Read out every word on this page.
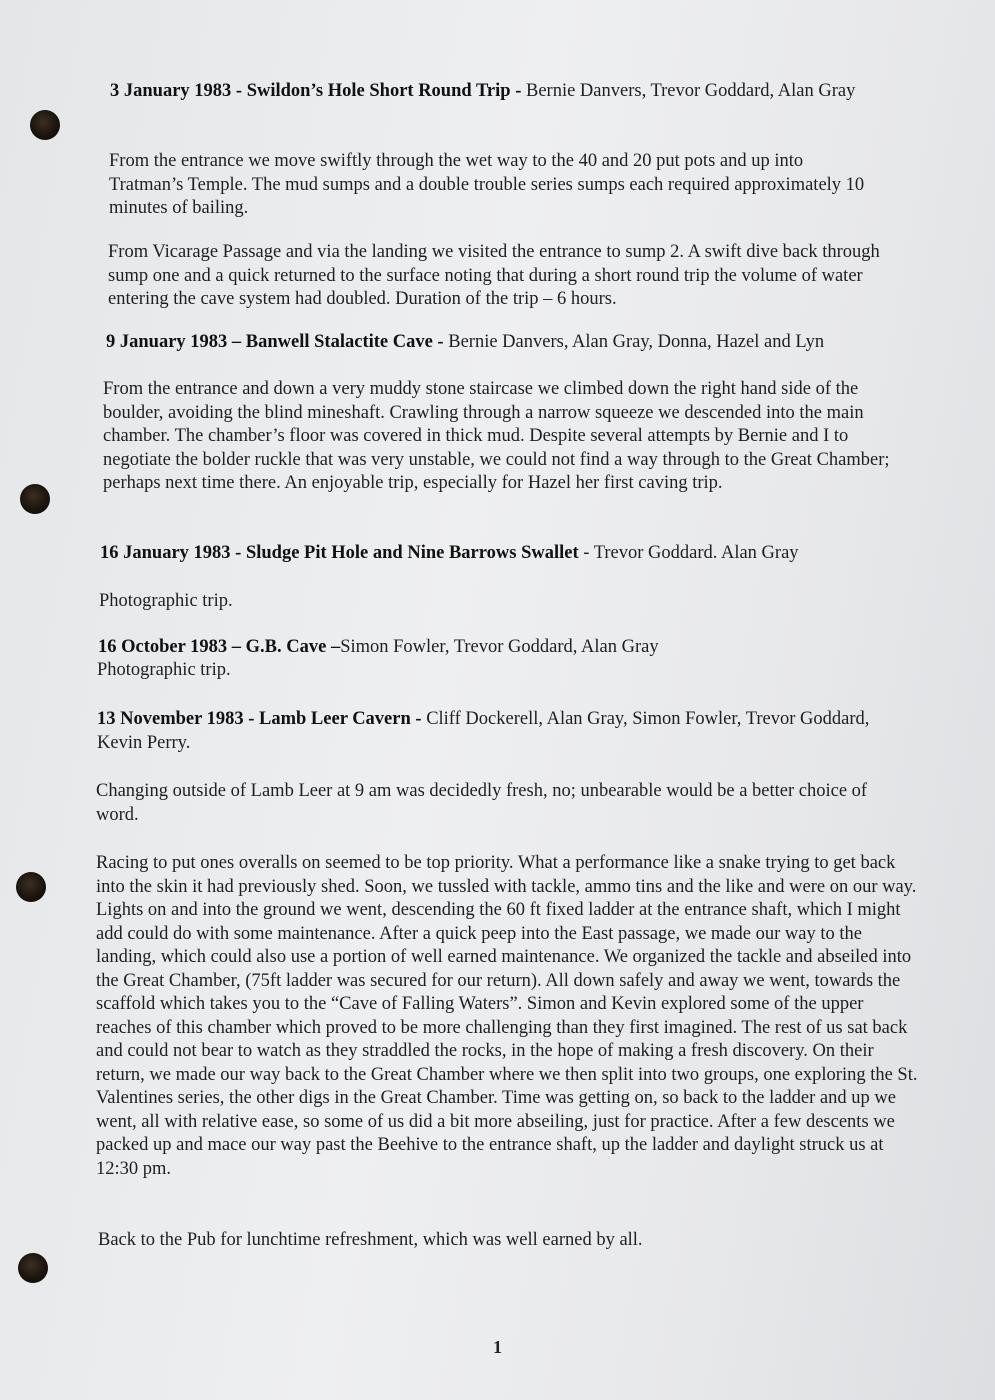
3 January 1983 - Swildon’s Hole Short Round Trip - Bernie Danvers, Trevor Goddard, Alan Gray

From the entrance we move swiftly through the wet way to the 40 and 20 put pots and up into Tratman’s Temple. The mud sumps and a double trouble series sumps each required approximately 10 minutes of bailing.

From Vicarage Passage and via the landing we visited the entrance to sump 2. A swift dive back through sump one and a quick returned to the surface noting that during a short round trip the volume of water entering the cave system had doubled. Duration of the trip – 6 hours.

9 January 1983 – Banwell Stalactite Cave - Bernie Danvers, Alan Gray, Donna, Hazel and Lyn

From the entrance and down a very muddy stone staircase we climbed down the right hand side of the boulder, avoiding the blind mineshaft. Crawling through a narrow squeeze we descended into the main chamber. The chamber’s floor was covered in thick mud. Despite several attempts by Bernie and I to negotiate the bolder ruckle that was very unstable, we could not find a way through to the Great Chamber; perhaps next time there. An enjoyable trip, especially for Hazel her first caving trip.

16 January 1983 - Sludge Pit Hole and Nine Barrows Swallet - Trevor Goddard. Alan Gray

Photographic trip.

16 October 1983 – G.B. Cave –Simon Fowler, Trevor Goddard, Alan Gray

Photographic trip.

13 November 1983 - Lamb Leer Cavern - Cliff Dockerell, Alan Gray, Simon Fowler, Trevor Goddard, Kevin Perry.

Changing outside of Lamb Leer at 9 am was decidedly fresh, no; unbearable would be a better choice of word.

Racing to put ones overalls on seemed to be top priority. What a performance like a snake trying to get back into the skin it had previously shed. Soon, we tussled with tackle, ammo tins and the like and were on our way. Lights on and into the ground we went, descending the 60 ft fixed ladder at the entrance shaft, which I might add could do with some maintenance. After a quick peep into the East passage, we made our way to the landing, which could also use a portion of well earned maintenance. We organized the tackle and abseiled into the Great Chamber, (75ft ladder was secured for our return). All down safely and away we went, towards the scaffold which takes you to the “Cave of Falling Waters”. Simon and Kevin explored some of the upper reaches of this chamber which proved to be more challenging than they first imagined. The rest of us sat back and could not bear to watch as they straddled the rocks, in the hope of making a fresh discovery. On their return, we made our way back to the Great Chamber where we then split into two groups, one exploring the St. Valentines series, the other digs in the Great Chamber. Time was getting on, so back to the ladder and up we went, all with relative ease, so some of us did a bit more abseiling, just for practice. After a few descents we packed up and mace our way past the Beehive to the entrance shaft, up the ladder and daylight struck us at 12:30 pm.

Back to the Pub for lunchtime refreshment, which was well earned by all.

1
